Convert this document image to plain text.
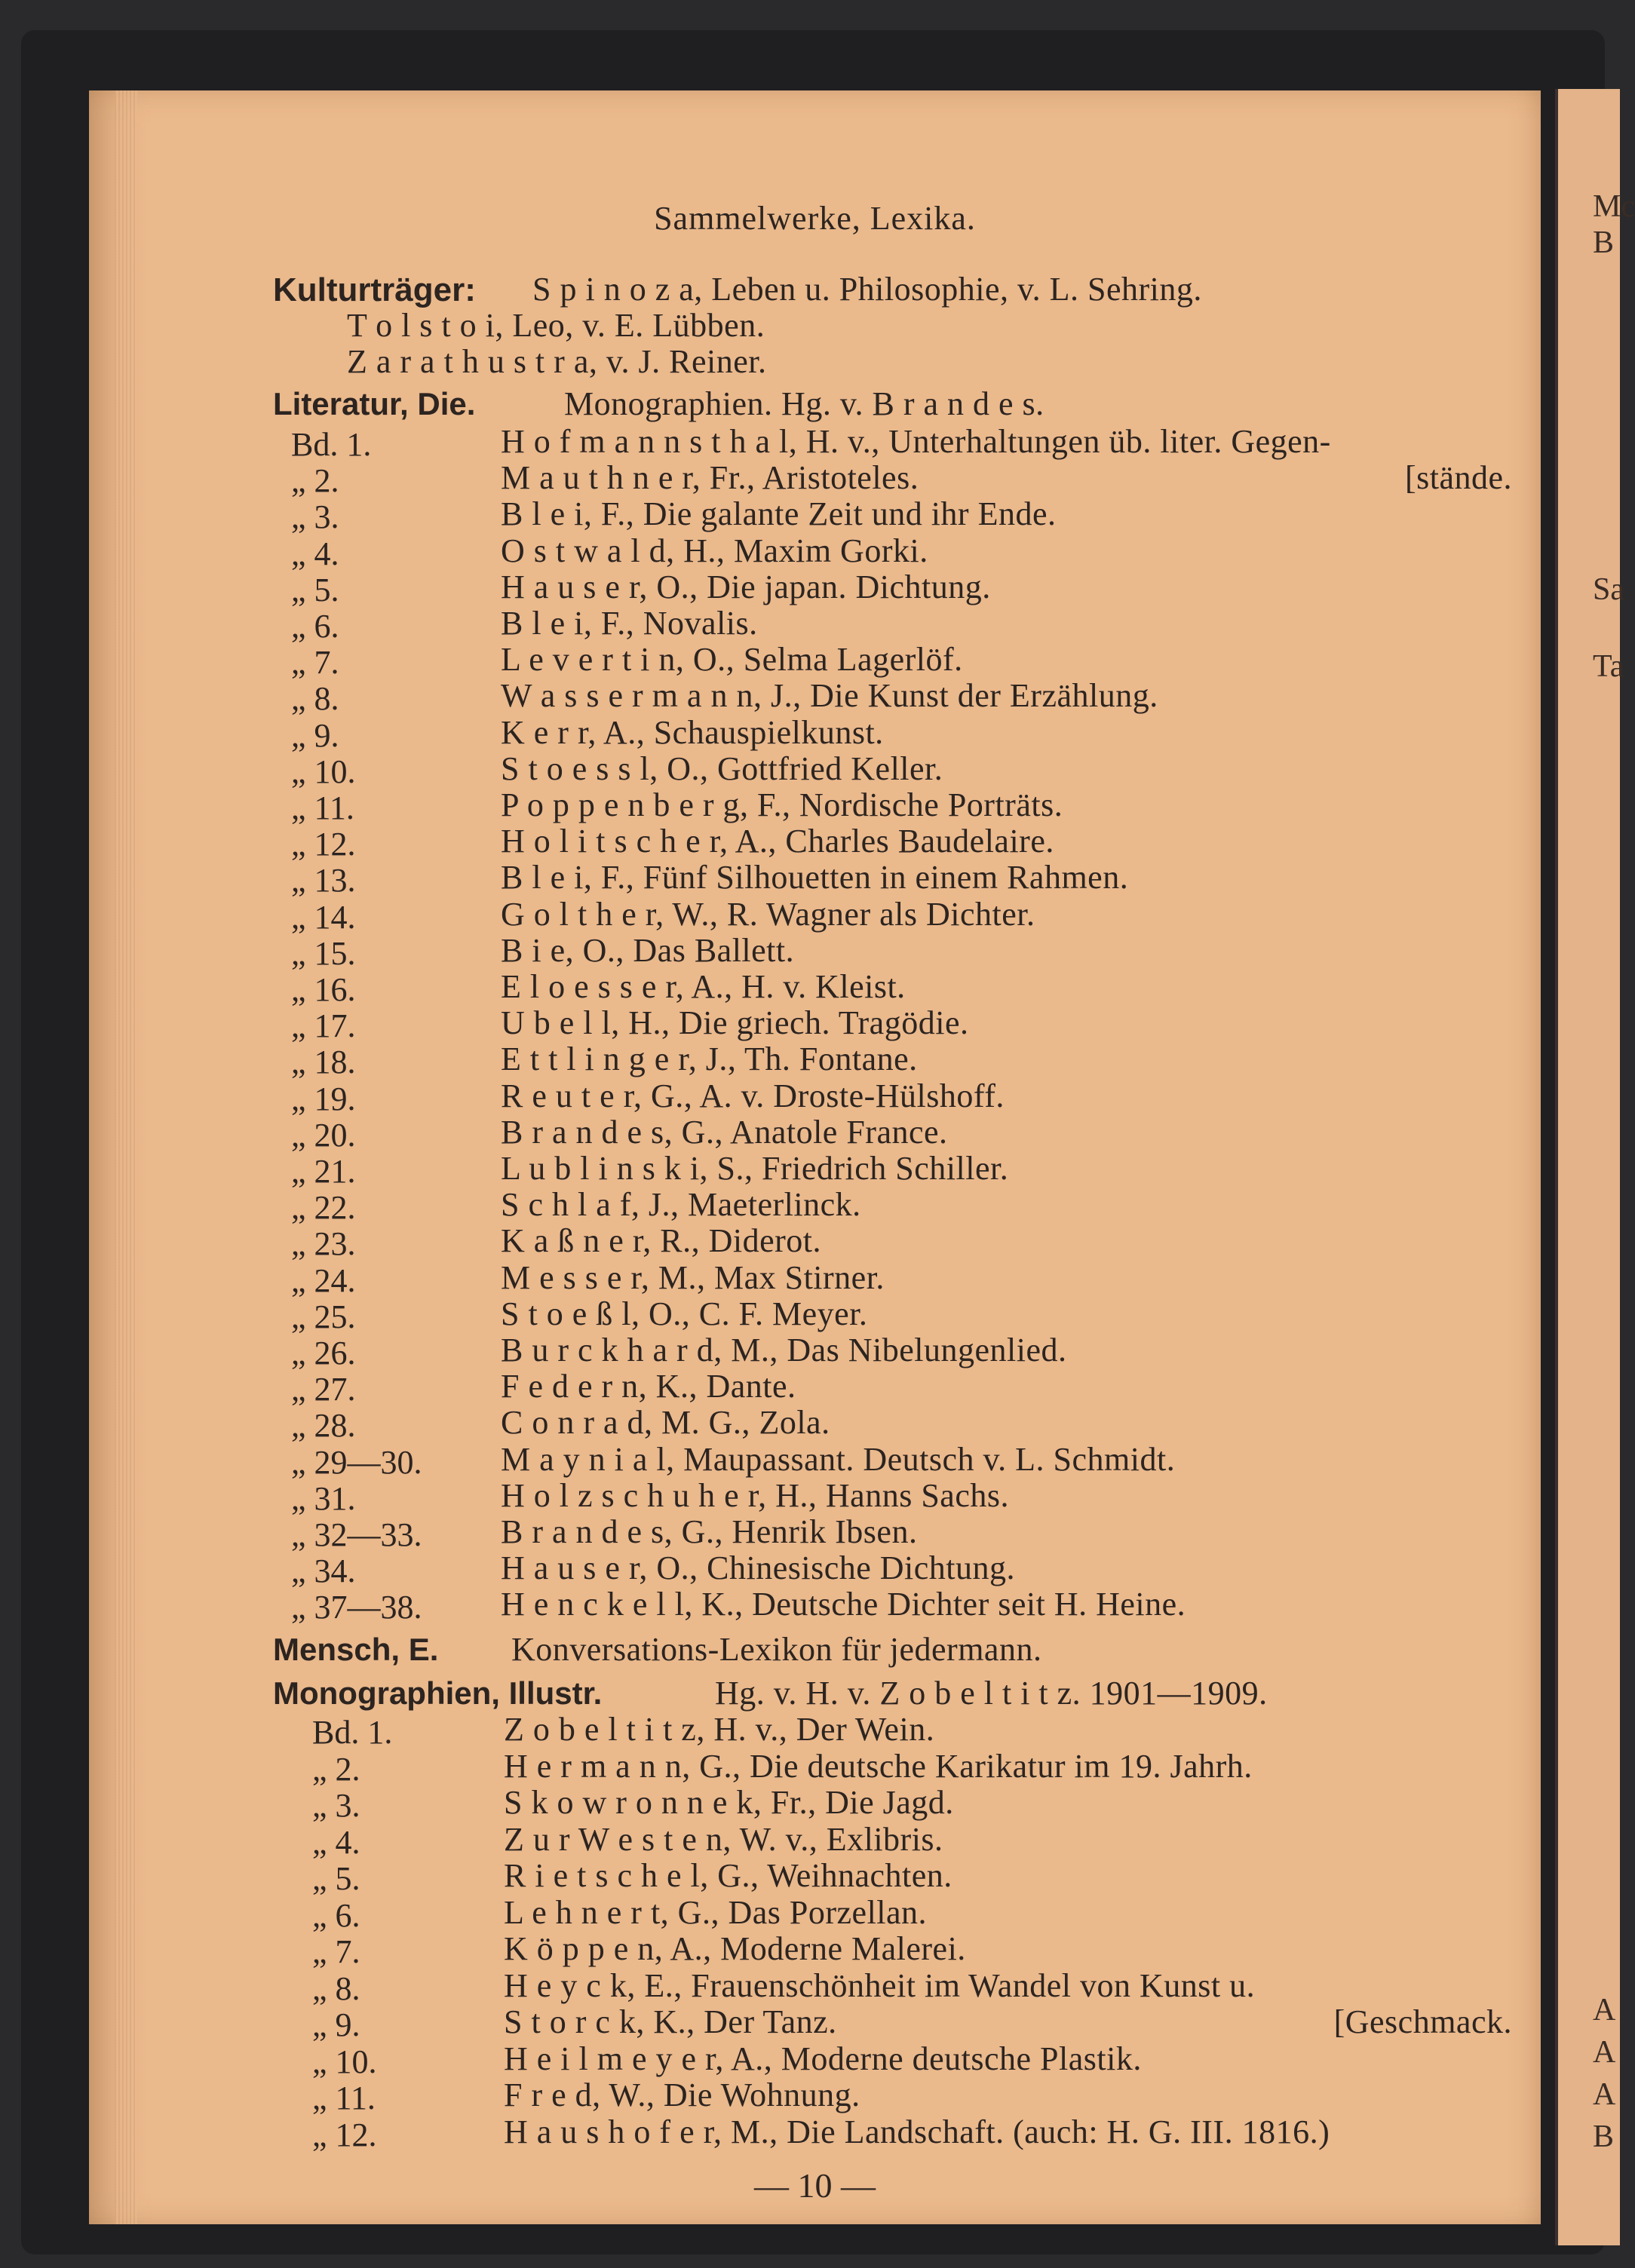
Mc
B
Sa
Ta
A
A
A
B
Sammelwerke, Lexika.
Kulturträger: S p i n o z a, Leben u. Philosophie, v. L. Sehring.
T o l s t o i, Leo, v. E. Lübben.
Z a r a t h u s t r a, v. J. Reiner.
Literatur, Die.	Monographien. Hg. v. B r a n d e s.
Bd. 1.	H o f m a n n s t h a l, H. v., Unterhaltungen üb. liter. Gegen-
„ 2.	M a u t h n e r, Fr., Aristoteles.	[stände.
„ 3.	B l e i, F., Die galante Zeit und ihr Ende.
„ 4.	O s t w a l d, H., Maxim Gorki.
„ 5.	H a u s e r, O., Die japan. Dichtung.
„ 6.	B l e i, F., Novalis.
„ 7.	L e v e r t i n, O., Selma Lagerlöf.
„ 8.	W a s s e r m a n n, J., Die Kunst der Erzählung.
„ 9.	K e r r, A., Schauspielkunst.
„ 10.	S t o e s s l, O., Gottfried Keller.
„ 11.	P o p p e n b e r g, F., Nordische Porträts.
„ 12.	H o l i t s c h e r, A., Charles Baudelaire.
„ 13.	B l e i, F., Fünf Silhouetten in einem Rahmen.
„ 14.	G o l t h e r, W., R. Wagner als Dichter.
„ 15.	B i e, O., Das Ballett.
„ 16.	E l o e s s e r, A., H. v. Kleist.
„ 17.	U b e l l, H., Die griech. Tragödie.
„ 18.	E t t l i n g e r, J., Th. Fontane.
„ 19.	R e u t e r, G., A. v. Droste-Hülshoff.
„ 20.	B r a n d e s, G., Anatole France.
„ 21.	L u b l i n s k i, S., Friedrich Schiller.
„ 22.	S c h l a f, J., Maeterlinck.
„ 23.	K a ß n e r, R., Diderot.
„ 24.	M e s s e r, M., Max Stirner.
„ 25.	S t o e ß l, O., C. F. Meyer.
„ 26.	B u r c k h a r d, M., Das Nibelungenlied.
„ 27.	F e d e r n, K., Dante.
„ 28.	C o n r a d, M. G., Zola.
„ 29—30. M a y n i a l, Maupassant. Deutsch v. L. Schmidt.
„ 31.	H o l z s c h u h e r, H., Hanns Sachs.
„ 32—33. B r a n d e s, G., Henrik Ibsen.
„ 34.	H a u s e r, O., Chinesische Dichtung.
„ 37—38. H e n c k e l l, K., Deutsche Dichter seit H. Heine.
Mensch, E. Konversations-Lexikon für jedermann.
Monographien, Illustr.	Hg. v. H. v. Z o b e l t i t z. 1901—1909.
Bd. 1.	Z o b e l t i t z, H. v., Der Wein.
„ 2.	H e r m a n n, G., Die deutsche Karikatur im 19. Jahrh.
„ 3.	S k o w r o n n e k, Fr., Die Jagd.
„ 4.	Z u r W e s t e n, W. v., Exlibris.
„ 5.	R i e t s c h e l, G., Weihnachten.
„ 6.	L e h n e r t, G., Das Porzellan.
„ 7.	K ö p p e n, A., Moderne Malerei.
„ 8.	H e y c k, E., Frauenschönheit im Wandel von Kunst u.
„ 9.	S t o r c k, K., Der Tanz.	[Geschmack.
„ 10.	H e i l m e y e r, A., Moderne deutsche Plastik.
„ 11.	F r e d, W., Die Wohnung.
„ 12.	H a u s h o f e r, M., Die Landschaft. (auch: H. G. III. 1816.)
— 10 —
